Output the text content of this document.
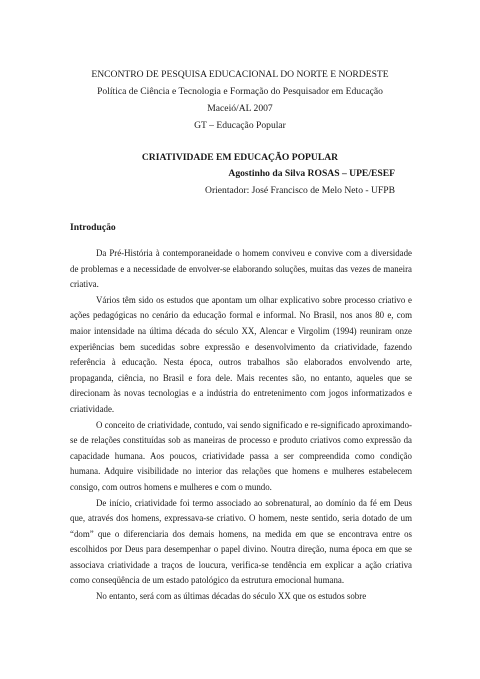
ENCONTRO DE PESQUISA EDUCACIONAL DO NORTE E NORDESTE
Política de Ciência e Tecnologia e Formação do Pesquisador em Educação
Maceió/AL 2007
GT – Educação Popular
CRIATIVIDADE EM EDUCAÇÃO POPULAR
Agostinho da Silva ROSAS – UPE/ESEF
Orientador: José Francisco de Melo Neto - UFPB
Introdução

Da Pré-História à contemporaneidade o homem conviveu e convive com a diversidade de problemas e a necessidade de envolver-se elaborando soluções, muitas das vezes de maneira criativa.

Vários têm sido os estudos que apontam um olhar explicativo sobre processo criativo e ações pedagógicas no cenário da educação formal e informal. No Brasil, nos anos 80 e, com maior intensidade na última década do século XX, Alencar e Virgolim (1994) reuniram onze experiências bem sucedidas sobre expressão e desenvolvimento da criatividade, fazendo referência à educação. Nesta época, outros trabalhos são elaborados envolvendo arte, propaganda, ciência, no Brasil e fora dele. Mais recentes são, no entanto, aqueles que se direcionam às novas tecnologias e a indústria do entretenimento com jogos informatizados e criatividade.

O conceito de criatividade, contudo, vai sendo significado e re-significado aproximando-se de relações constituídas sob as maneiras de processo e produto criativos como expressão da capacidade humana. Aos poucos, criatividade passa a ser compreendida como condição humana. Adquire visibilidade no interior das relações que homens e mulheres estabelecem consigo, com outros homens e mulheres e com o mundo.

De início, criatividade foi termo associado ao sobrenatural, ao domínio da fé em Deus que, através dos homens, expressava-se criativo. O homem, neste sentido, seria dotado de um “dom” que o diferenciaria dos demais homens, na medida em que se encontrava entre os escolhidos por Deus para desempenhar o papel divino. Noutra direção, numa época em que se associava criatividade a traços de loucura, verifica-se tendência em explicar a ação criativa como conseqüência de um estado patológico da estrutura emocional humana.

No entanto, será com as últimas décadas do século XX que os estudos sobre
